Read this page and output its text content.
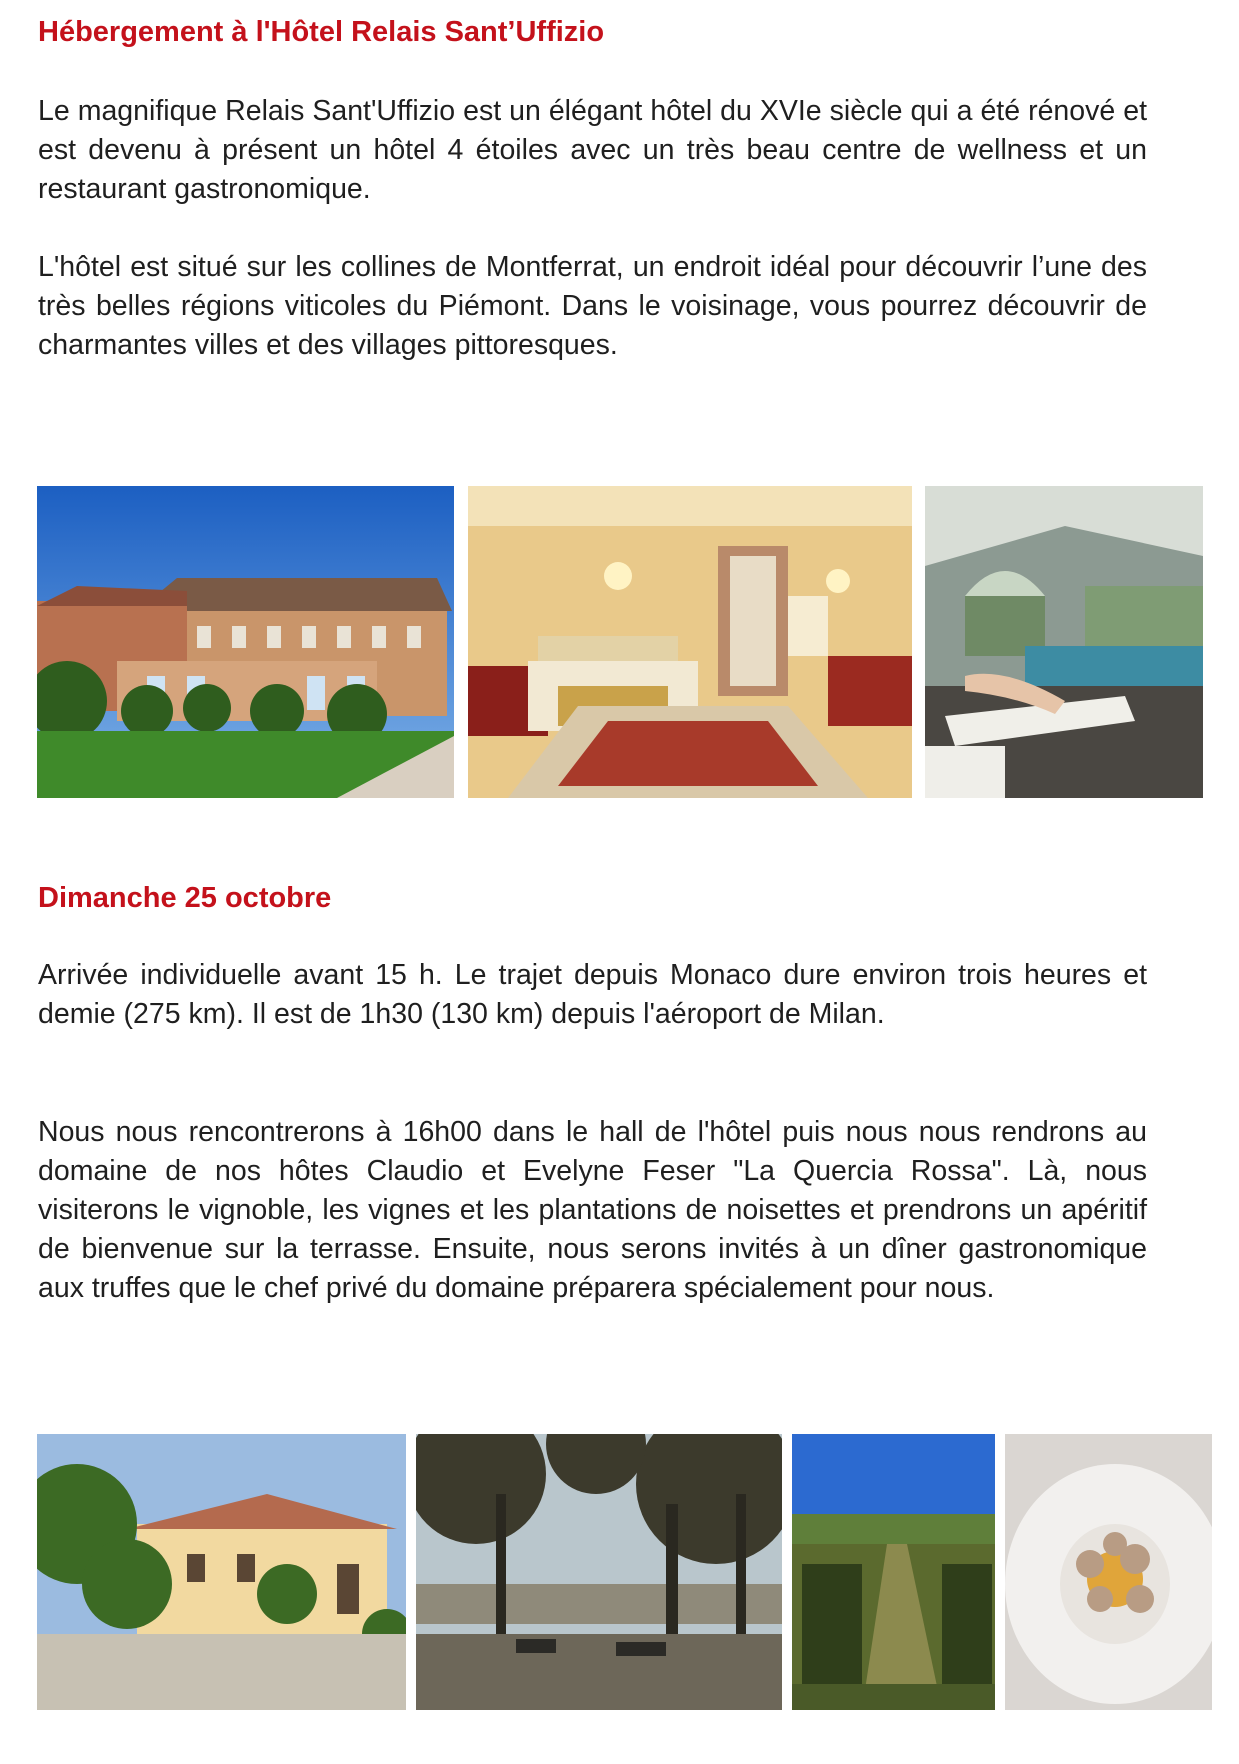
Hébergement à l'Hôtel Relais Sant’Uffizio

Le magnifique Relais Sant'Uffizio est un élégant hôtel du XVIe siècle qui a été rénové et est devenu à présent un hôtel 4 étoiles avec un très beau centre de wellness et un restaurant gastronomique.

L'hôtel est situé sur les collines de Montferrat, un endroit idéal pour découvrir l’une des très belles régions viticoles du Piémont. Dans le voisinage, vous pourrez découvrir de charmantes villes et des villages pittoresques.

Dimanche 25 octobre

Arrivée individuelle avant 15 h. Le trajet depuis Monaco dure environ trois heures et demie (275 km). Il est de 1h30 (130 km) depuis l'aéroport de Milan.

Nous nous rencontrerons à 16h00 dans le hall de l'hôtel puis nous nous rendrons au domaine de nos hôtes Claudio et Evelyne Feser "La Quercia Rossa". Là, nous visiterons le vignoble, les vignes et les plantations de noisettes et prendrons un apéritif de bienvenue sur la terrasse. Ensuite, nous serons invités à un dîner gastronomique aux truffes que le chef privé du domaine préparera spécialement pour nous.
